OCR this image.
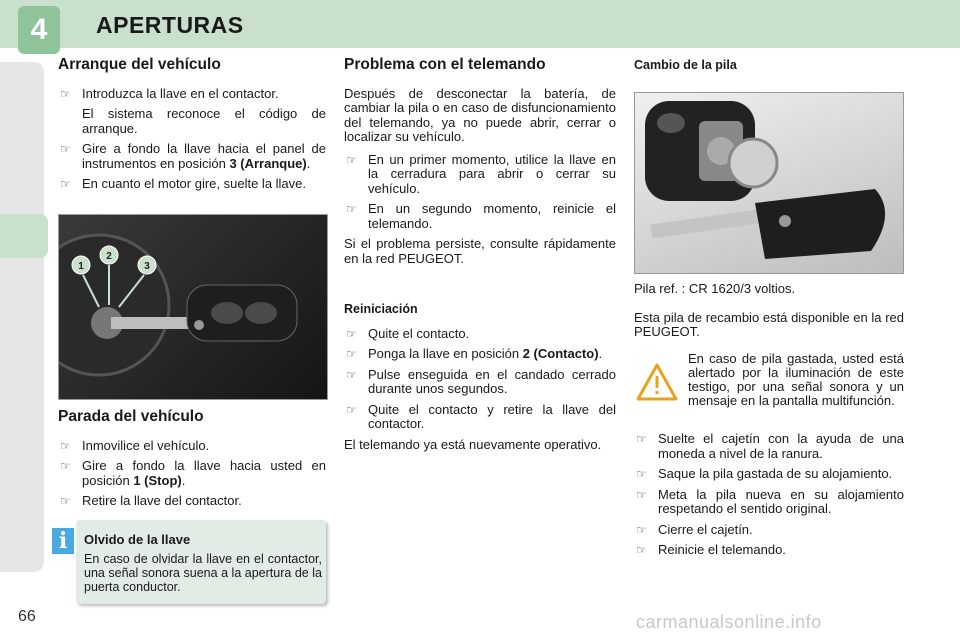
4	APERTURAS
Arranque del vehículo
☞ Introduzca la llave en el contactor.
El sistema reconoce el código de arranque.
☞ Gire a fondo la llave hacia el panel de instrumentos en posición 3 (Arranque).
☞ En cuanto el motor gire, suelte la llave.
1
2
3
Parada del vehículo
☞ Inmovilice el vehículo.
☞ Gire a fondo la llave hacia usted en posición 1 (Stop).
☞ Retire la llave del contactor.
i	Olvido de la llave
En caso de olvidar la llave en el contactor, una señal sonora suena a la apertura de la puerta conductor.
Problema con el telemando

Después de desconectar la batería, de cambiar la pila o en caso de disfuncionamiento del telemando, ya no puede abrir, cerrar o localizar su vehículo.

☞ En un primer momento, utilice la llave en la cerradura para abrir o cerrar su vehículo.
☞ En un segundo momento, reinicie el telemando.

Si el problema persiste, consulte rápidamente en la red PEUGEOT.

Reiniciación
☞ Quite el contacto.
☞ Ponga la llave en posición 2 (Contacto).
☞ Pulse enseguida en el candado cerrado durante unos segundos.
☞ Quite el contacto y retire la llave del contactor.

El telemando ya está nuevamente operativo.

Cambio de la pila

Pila ref. : CR 1620/3 voltios.

Esta pila de recambio está disponible en la red PEUGEOT.

En caso de pila gastada, usted está alertado por la iluminación de este testigo, por una señal sonora y un mensaje en la pantalla multifunción.
☞ Suelte el cajetín con la ayuda de una moneda a nivel de la ranura.
☞ Saque la pila gastada de su alojamiento.
☞ Meta la pila nueva en su alojamiento respetando el sentido original.
☞ Cierre el cajetín.
☞ Reinicie el telemando.
66	carmanualsonline.info
